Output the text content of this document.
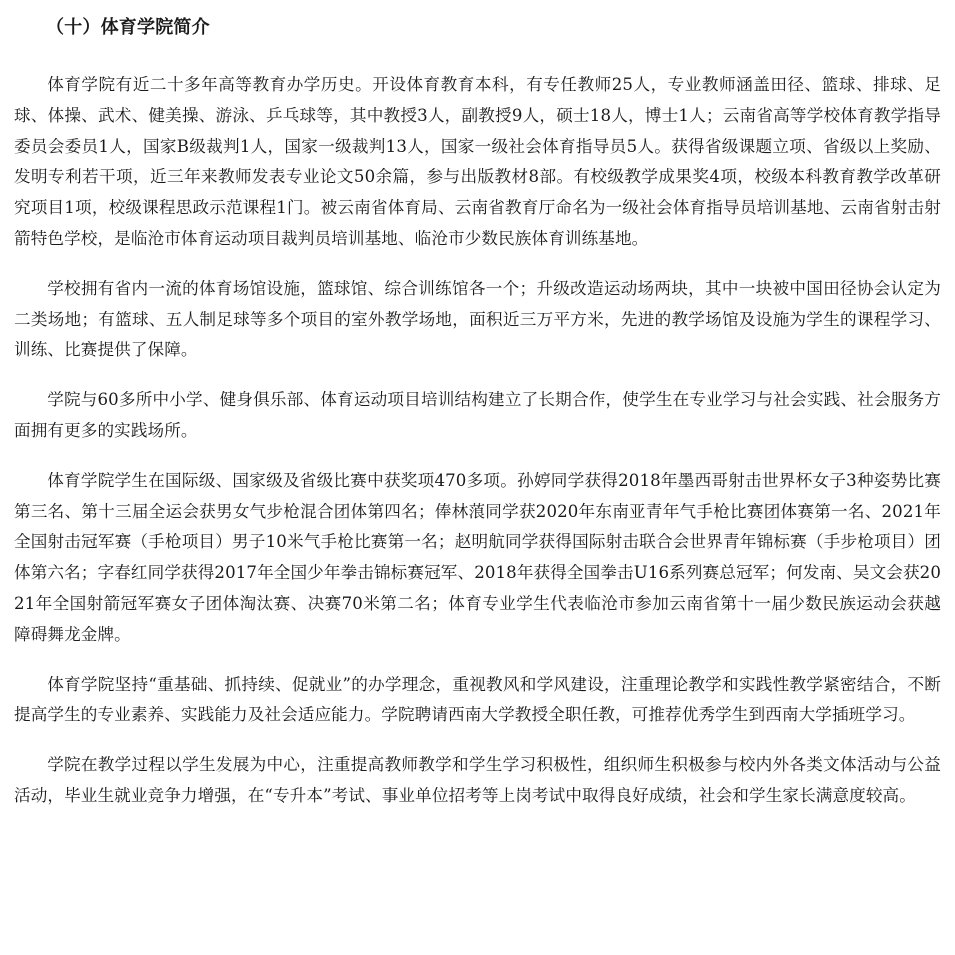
（十）体育学院简介

体育学院有近二十多年高等教育办学历史。开设体育教育本科，有专任教师25人，专业教师涵盖田径、篮球、排球、足球、体操、武术、健美操、游泳、乒乓球等，其中教授3人，副教授9人，硕士18人，博士1人；云南省高等学校体育教学指导委员会委员1人，国家B级裁判1人，国家一级裁判13人，国家一级社会体育指导员5人。获得省级课题立项、省级以上奖励、发明专利若干项，近三年来教师发表专业论文50余篇，参与出版教材8部。有校级教学成果奖4项，校级本科教育教学改革研究项目1项，校级课程思政示范课程1门。被云南省体育局、云南省教育厅命名为一级社会体育指导员培训基地、云南省射击射箭特色学校，是临沧市体育运动项目裁判员培训基地、临沧市少数民族体育训练基地。

学校拥有省内一流的体育场馆设施，篮球馆、综合训练馆各一个；升级改造运动场两块，其中一块被中国田径协会认定为二类场地；有篮球、五人制足球等多个项目的室外教学场地，面积近三万平方米，先进的教学场馆及设施为学生的课程学习、训练、比赛提供了保障。

学院与60多所中小学、健身俱乐部、体育运动项目培训结构建立了长期合作，使学生在专业学习与社会实践、社会服务方面拥有更多的实践场所。

体育学院学生在国际级、国家级及省级比赛中获奖项470多项。孙婷同学获得2018年墨西哥射击世界杯女子3种姿势比赛第三名、第十三届全运会获男女气步枪混合团体第四名；俸林蒗同学获2020年东南亚青年气手枪比赛团体赛第一名、2021年全国射击冠军赛（手枪项目）男子10米气手枪比赛第一名；赵明航同学获得国际射击联合会世界青年锦标赛（手步枪项目）团体第六名；字春红同学获得2017年全国少年拳击锦标赛冠军、2018年获得全国拳击U16系列赛总冠军；何发南、吴文会获2021年全国射箭冠军赛女子团体淘汰赛、决赛70米第二名；体育专业学生代表临沧市参加云南省第十一届少数民族运动会获越障碍舞龙金牌。

体育学院坚持“重基础、抓持续、促就业”的办学理念，重视教风和学风建设，注重理论教学和实践性教学紧密结合，不断提高学生的专业素养、实践能力及社会适应能力。学院聘请西南大学教授全职任教，可推荐优秀学生到西南大学插班学习。

学院在教学过程以学生发展为中心，注重提高教师教学和学生学习积极性，组织师生积极参与校内外各类文体活动与公益活动，毕业生就业竞争力增强，在“专升本”考试、事业单位招考等上岗考试中取得良好成绩，社会和学生家长满意度较高。
